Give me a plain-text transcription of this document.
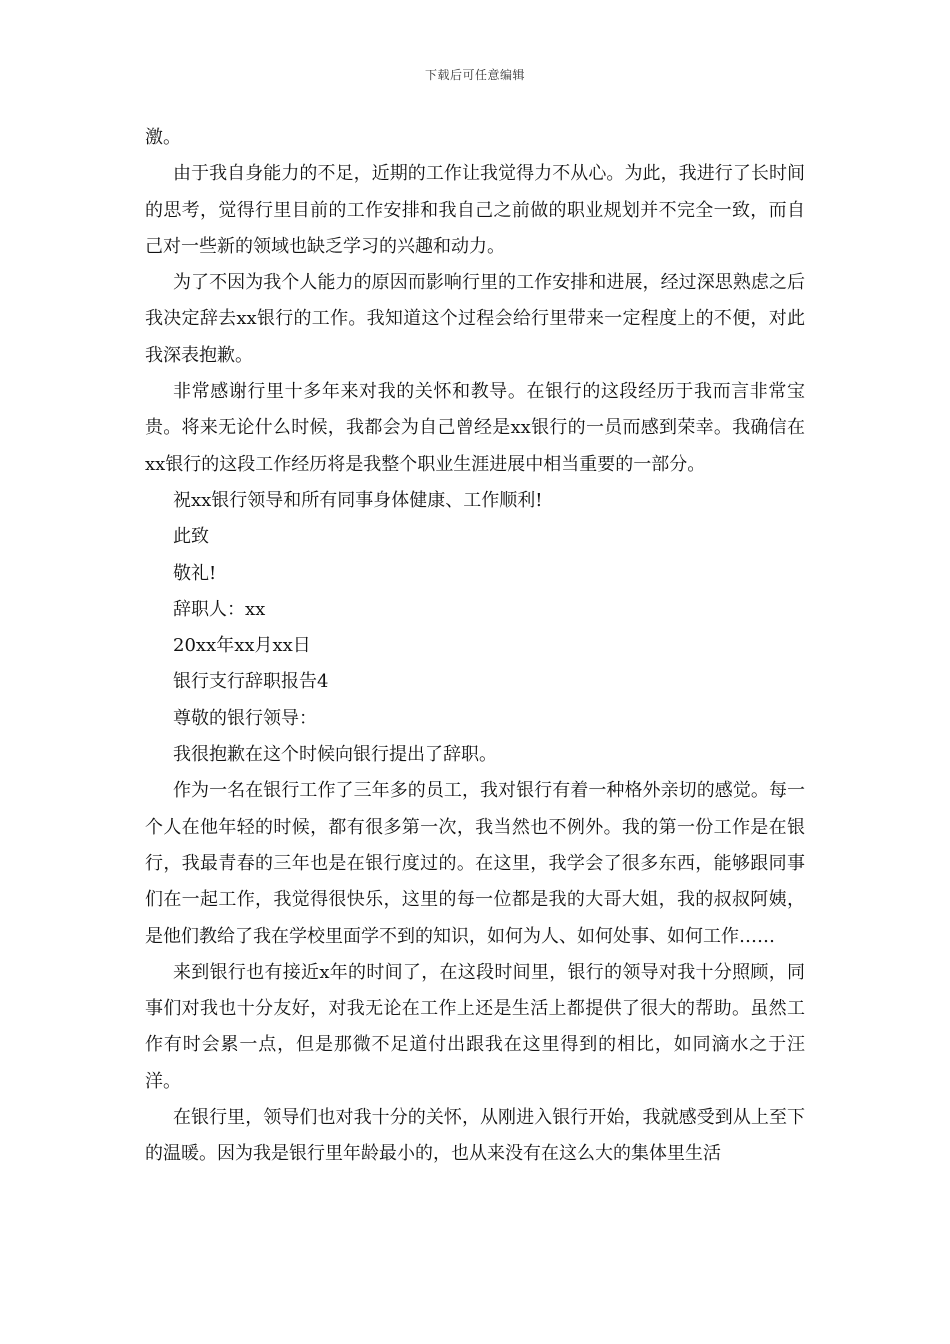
下载后可任意编辑

激。

由于我自身能力的不足，近期的工作让我觉得力不从心。为此，我进行了长时间的思考，觉得行里目前的工作安排和我自己之前做的职业规划并不完全一致，而自己对一些新的领域也缺乏学习的兴趣和动力。

为了不因为我个人能力的原因而影响行里的工作安排和进展，经过深思熟虑之后我决定辞去xx银行的工作。我知道这个过程会给行里带来一定程度上的不便，对此我深表抱歉。

非常感谢行里十多年来对我的关怀和教导。在银行的这段经历于我而言非常宝贵。将来无论什么时候，我都会为自己曾经是xx银行的一员而感到荣幸。我确信在xx银行的这段工作经历将是我整个职业生涯进展中相当重要的一部分。

祝xx银行领导和所有同事身体健康、工作顺利!

此致

敬礼!

辞职人：xx

20xx年xx月xx日

银行支行辞职报告4

尊敬的银行领导：

我很抱歉在这个时候向银行提出了辞职。

作为一名在银行工作了三年多的员工，我对银行有着一种格外亲切的感觉。每一个人在他年轻的时候，都有很多第一次，我当然也不例外。我的第一份工作是在银行，我最青春的三年也是在银行度过的。在这里，我学会了很多东西，能够跟同事们在一起工作，我觉得很快乐，这里的每一位都是我的大哥大姐，我的叔叔阿姨，是他们教给了我在学校里面学不到的知识，如何为人、如何处事、如何工作……

来到银行也有接近x年的时间了，在这段时间里，银行的领导对我十分照顾，同事们对我也十分友好，对我无论在工作上还是生活上都提供了很大的帮助。虽然工作有时会累一点，但是那微不足道付出跟我在这里得到的相比，如同滴水之于汪洋。

在银行里，领导们也对我十分的关怀，从刚进入银行开始，我就感受到从上至下的温暖。因为我是银行里年龄最小的，也从来没有在这么大的集体里生活
